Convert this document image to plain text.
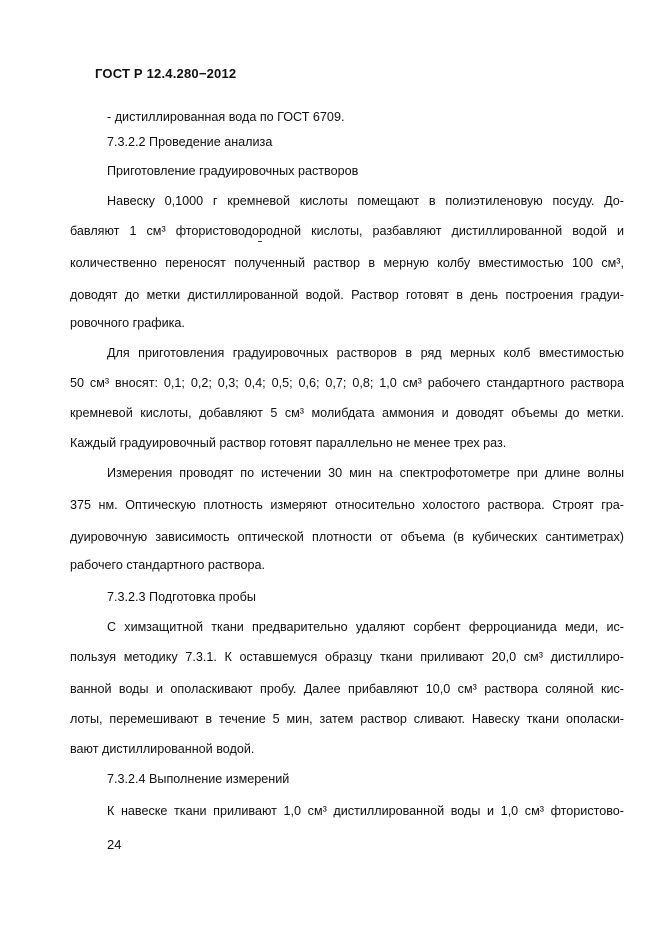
ГОСТ Р 12.4.280−2012
- дистиллированная вода по ГОСТ 6709.
7.3.2.2 Проведение анализа
Приготовление градуировочных растворов
Навеску 0,1000 г кремневой кислоты помещают в полиэтиленовую посуду. До-
бавляют 1 см³ фтористоводородной кислоты, разбавляют дистиллированной водой и
количественно переносят полученный раствор в мерную колбу вместимостью 100 см³,
доводят до метки дистиллированной водой. Раствор готовят в день построения градуи-
ровочного графика.
Для приготовления градуировочных растворов в ряд мерных колб вместимостью
50 см³ вносят: 0,1; 0,2; 0,3; 0,4; 0,5; 0,6; 0,7; 0,8; 1,0 см³ рабочего стандартного раствора
кремневой кислоты, добавляют 5 см³ молибдата аммония и доводят объемы до метки.
Каждый градуировочный раствор готовят параллельно не менее трех раз.
Измерения проводят по истечении 30 мин на спектрофотометре при длине волны
375 нм. Оптическую плотность измеряют относительно холостого раствора. Строят гра-
дуировочную зависимость оптической плотности от объема (в кубических сантиметрах)
рабочего стандартного раствора.
7.3.2.3 Подготовка пробы
С химзащитной ткани предварительно удаляют сорбент ферроцианида меди, ис-
пользуя методику 7.3.1. К оставшемуся образцу ткани приливают 20,0 см³ дистиллиро-
ванной воды и ополаскивают пробу. Далее прибавляют 10,0 см³ раствора соляной кис-
лоты, перемешивают в течение 5 мин, затем раствор сливают. Навеску ткани ополаски-
вают дистиллированной водой.
7.3.2.4 Выполнение измерений
К навеске ткани приливают 1,0 см³ дистиллированной воды и 1,0 см³ фтористово-
24
